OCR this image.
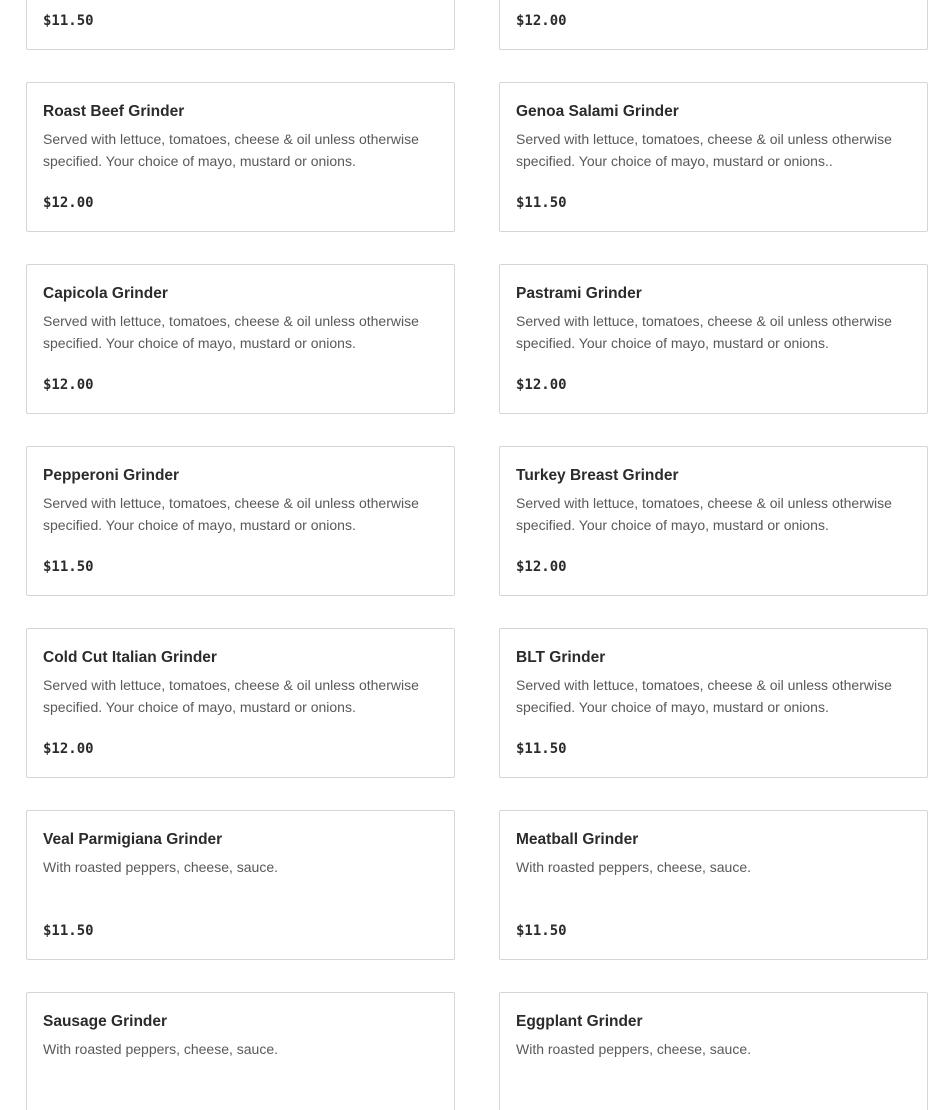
$11.50	$12.00
Roast Beef Grinder
Served with lettuce, tomatoes, cheese & oil unless otherwise specified. Your choice of mayo, mustard or onions.
$12.00
Genoa Salami Grinder
Served with lettuce, tomatoes, cheese & oil unless otherwise specified. Your choice of mayo, mustard or onions..
$11.50
Capicola Grinder
Served with lettuce, tomatoes, cheese & oil unless otherwise specified. Your choice of mayo, mustard or onions.
$12.00
Pastrami Grinder
Served with lettuce, tomatoes, cheese & oil unless otherwise specified. Your choice of mayo, mustard or onions.
$12.00
Pepperoni Grinder
Served with lettuce, tomatoes, cheese & oil unless otherwise specified. Your choice of mayo, mustard or onions.
$11.50
Turkey Breast Grinder
Served with lettuce, tomatoes, cheese & oil unless otherwise specified. Your choice of mayo, mustard or onions.
$12.00
Cold Cut Italian Grinder
Served with lettuce, tomatoes, cheese & oil unless otherwise specified. Your choice of mayo, mustard or onions.
$12.00
BLT Grinder
Served with lettuce, tomatoes, cheese & oil unless otherwise specified. Your choice of mayo, mustard or onions.
$11.50
Veal Parmigiana Grinder
With roasted peppers, cheese, sauce.
$11.50
Meatball Grinder
With roasted peppers, cheese, sauce.
$11.50
Sausage Grinder
With roasted peppers, cheese, sauce.
Eggplant Grinder
With roasted peppers, cheese, sauce.
